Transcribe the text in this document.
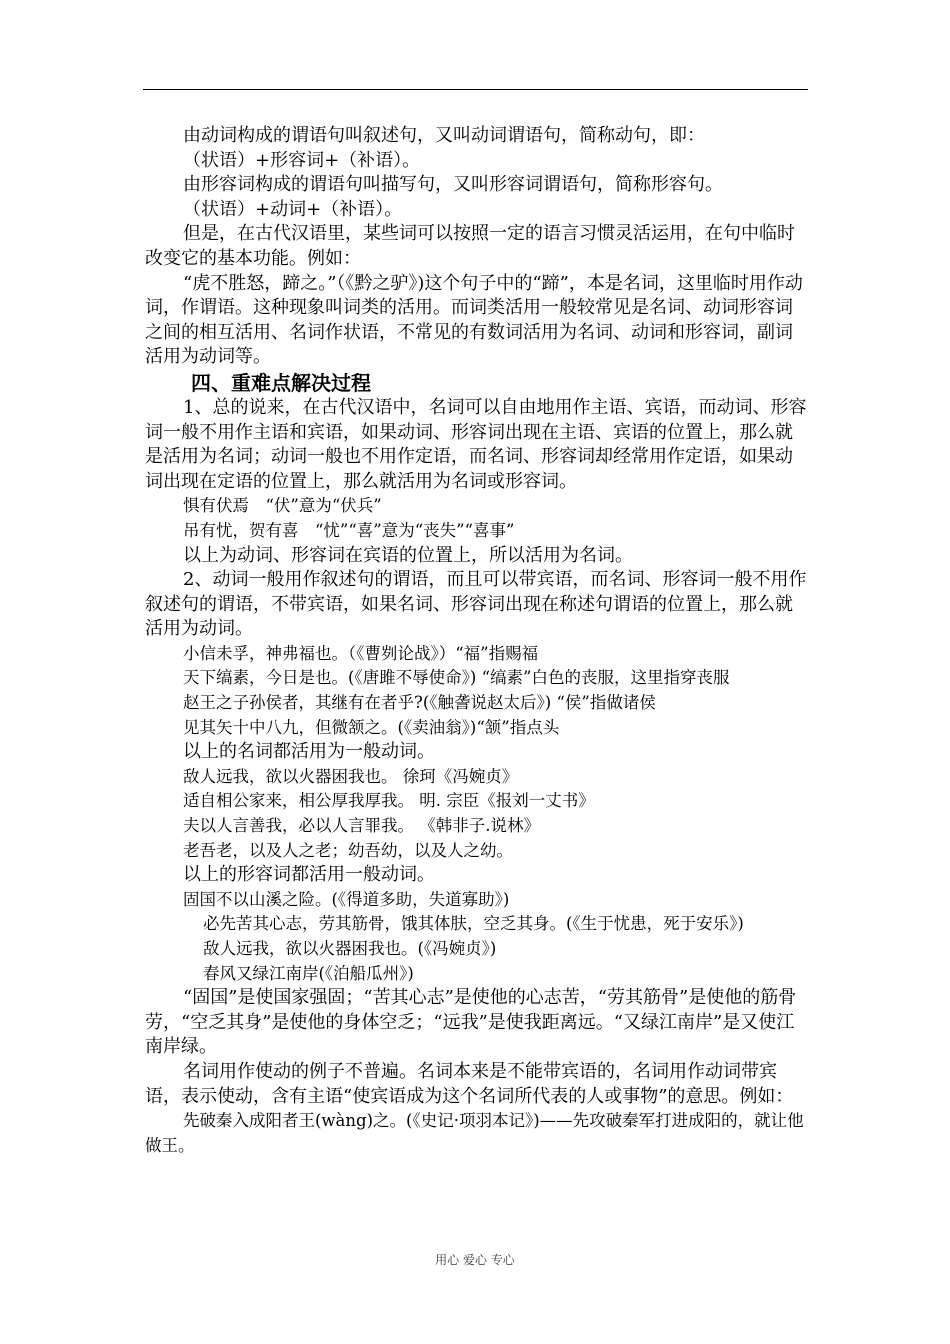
由动词构成的谓语句叫叙述句，又叫动词谓语句，简称动句，即：

（状语）+形容词+（补语）。

由形容词构成的谓语句叫描写句，又叫形容词谓语句，简称形容句。

（状语）+动词+（补语）。

但是，在古代汉语里，某些词可以按照一定的语言习惯灵活运用，在句中临时改变它的基本功能。例如：

“虎不胜怒，蹄之。”（《黔之驴》)这个句子中的“蹄”，本是名词，这里临时用作动词，作谓语。这种现象叫词类的活用。而词类活用一般较常见是名词、动词形容词之间的相互活用、名词作状语，不常见的有数词活用为名词、动词和形容词，副词活用为动词等。

四、重难点解决过程

1、总的说来，在古代汉语中，名词可以自由地用作主语、宾语，而动词、形容词一般不用作主语和宾语，如果动词、形容词出现在主语、宾语的位置上，那么就是活用为名词；动词一般也不用作定语，而名词、形容词却经常用作定语，如果动词出现在定语的位置上，那么就活用为名词或形容词。

惧有伏焉　“伏”意为“伏兵”

吊有忧，贺有喜　“忧”“喜”意为“丧失”“喜事”

以上为动词、形容词在宾语的位置上，所以活用为名词。

2、动词一般用作叙述句的谓语，而且可以带宾语，而名词、形容词一般不用作叙述句的谓语，不带宾语，如果名词、形容词出现在称述句谓语的位置上，那么就活用为动词。

小信未孚，神弗福也。（《曹刿论战》）“福”指赐福

天下缟素，今日是也。(《唐雎不辱使命》) “缟素”白色的丧服，这里指穿丧服

赵王之子孙侯者，其继有在者乎?(《触詟说赵太后》) “侯”指做诸侯

见其矢十中八九，但微颔之。(《卖油翁》)“颔”指点头

以上的名词都活用为一般动词。

敌人远我，欲以火器困我也。 徐珂《冯婉贞》

适自相公家来，相公厚我厚我。 明. 宗臣《报刘一丈书》

夫以人言善我，必以人言罪我。 《韩非子.说林》

老吾老，以及人之老；幼吾幼，以及人之幼。

以上的形容词都活用一般动词。

固国不以山溪之险。(《得道多助，失道寡助》)

必先苦其心志，劳其筋骨，饿其体肤，空乏其身。(《生于忧患，死于安乐》)

敌人远我，欲以火器困我也。(《冯婉贞》)

春风又绿江南岸(《泊船瓜州》)

“固国”是使国家强固；“苦其心志”是使他的心志苦，“劳其筋骨”是使他的筋骨劳，“空乏其身”是使他的身体空乏；“远我”是使我距离远。“又绿江南岸”是又使江南岸绿。

名词用作使动的例子不普遍。名词本来是不能带宾语的，名词用作动词带宾语，表示使动，含有主语“使宾语成为这个名词所代表的人或事物”的意思。例如：

先破秦入成阳者王(wàng)之。(《史记·项羽本记》)——先攻破秦军打进成阳的，就让他做王。

用心 爱心 专心
